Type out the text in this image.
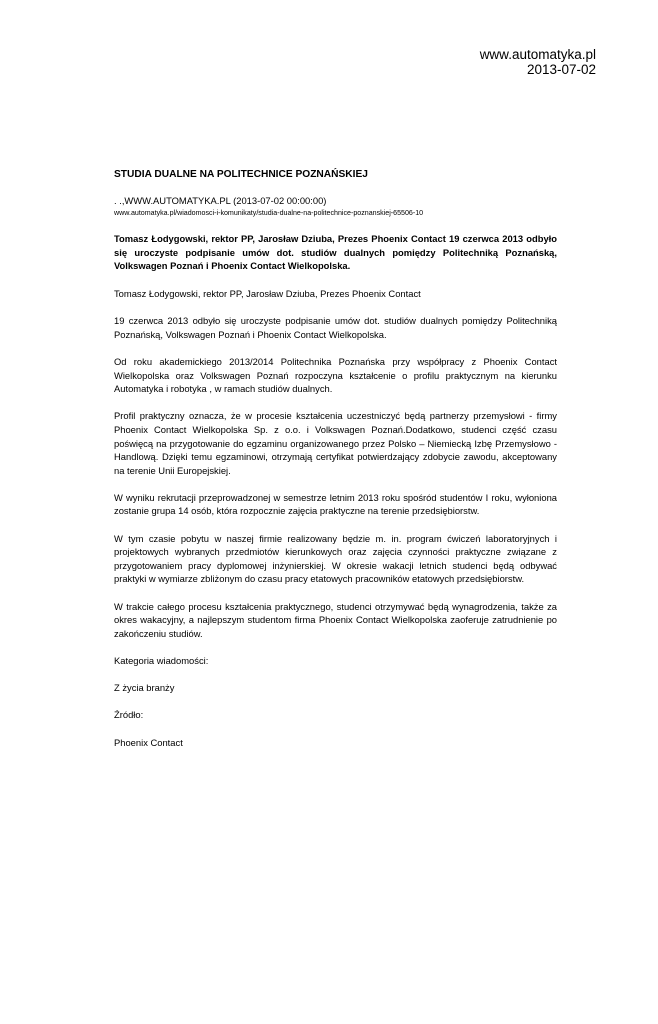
www.automatyka.pl
2013-07-02
STUDIA DUALNE NA POLITECHNICE POZNAŃSKIEJ
. .,WWW.AUTOMATYKA.PL (2013-07-02 00:00:00)
www.automatyka.pl/wiadomosci-i-komunikaty/studia-dualne-na-politechnice-poznanskiej-65506-10
Tomasz Łodygowski, rektor PP, Jarosław Dziuba, Prezes Phoenix Contact 19 czerwca 2013 odbyło się uroczyste podpisanie umów dot. studiów dualnych pomiędzy Politechniką Poznańską, Volkswagen Poznań i Phoenix Contact Wielkopolska.

Tomasz Łodygowski, rektor PP, Jarosław Dziuba, Prezes Phoenix Contact

19 czerwca 2013 odbyło się uroczyste podpisanie umów dot. studiów dualnych pomiędzy Politechniką Poznańską, Volkswagen Poznań i Phoenix Contact Wielkopolska.

Od roku akademickiego 2013/2014 Politechnika Poznańska przy współpracy z Phoenix Contact Wielkopolska oraz Volkswagen Poznań rozpoczyna kształcenie o profilu praktycznym na kierunku Automatyka i robotyka , w ramach studiów dualnych.

Profil praktyczny oznacza, że w procesie kształcenia uczestniczyć będą partnerzy przemysłowi - firmy Phoenix Contact Wielkopolska Sp. z o.o. i Volkswagen Poznań.Dodatkowo, studenci część czasu poświęcą na przygotowanie do egzaminu organizowanego przez Polsko – Niemiecką Izbę Przemysłowo - Handlową. Dzięki temu egzaminowi, otrzymają certyfikat potwierdzający zdobycie zawodu, akceptowany na terenie Unii Europejskiej.

W wyniku rekrutacji przeprowadzonej w semestrze letnim 2013 roku spośród studentów I roku, wyłoniona zostanie grupa 14 osób, która rozpocznie zajęcia praktyczne na terenie przedsiębiorstw.

W tym czasie pobytu w naszej firmie realizowany będzie m. in. program ćwiczeń laboratoryjnych i projektowych wybranych przedmiotów kierunkowych oraz zajęcia czynności praktyczne związane z przygotowaniem pracy dyplomowej inżynierskiej. W okresie wakacji letnich studenci będą odbywać praktyki w wymiarze zbliżonym do czasu pracy etatowych pracowników etatowych przedsiębiorstw.

W trakcie całego procesu kształcenia praktycznego, studenci otrzymywać będą wynagrodzenia, także za okres wakacyjny, a najlepszym studentom firma Phoenix Contact Wielkopolska zaoferuje zatrudnienie po zakończeniu studiów.

Kategoria wiadomości:

Z życia branży

Źródło:

Phoenix Contact
